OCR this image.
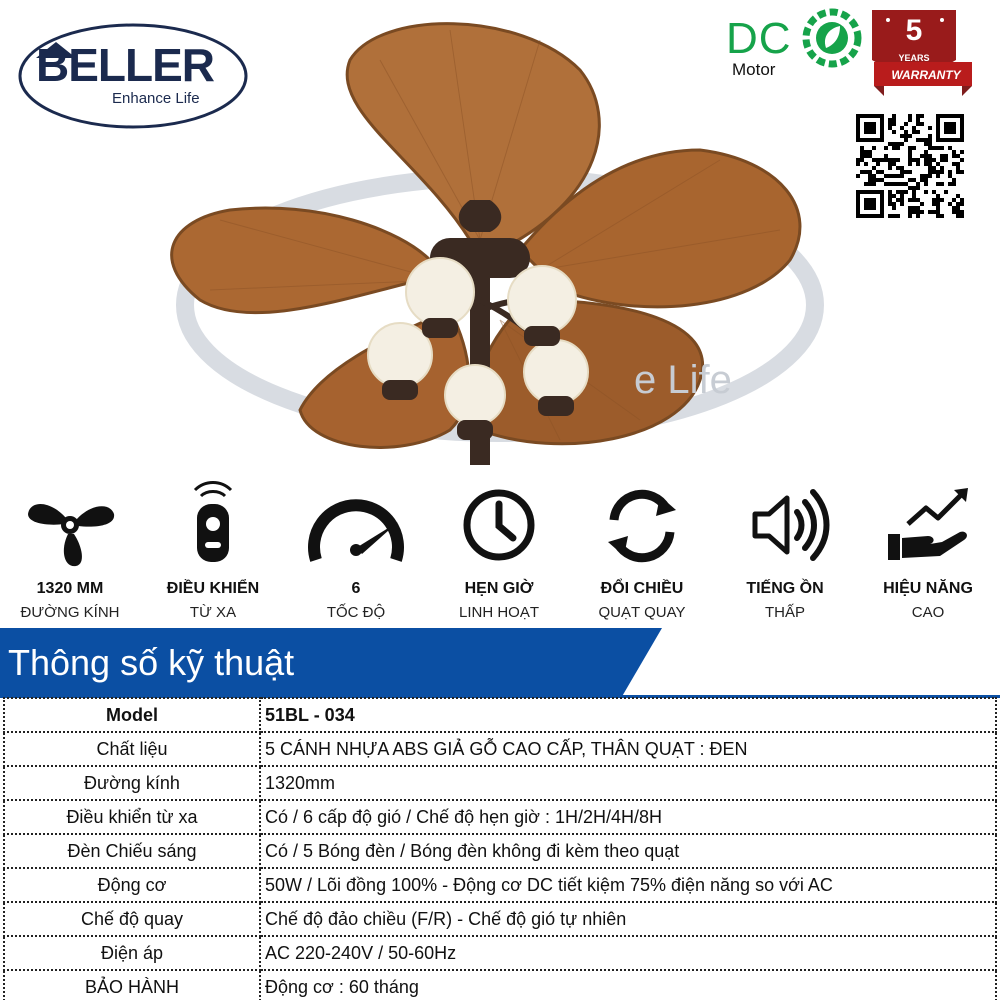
BELLER
Enhance Life
DC
Motor
5
YEARS
WARRANTY
e Life
1320 MM
ĐƯỜNG KÍNH
ĐIỀU KHIỂN
TỪ XA
6
TỐC ĐỘ
HẸN GIỜ
LINH HOẠT
ĐỔI CHIỀU
QUẠT QUAY
TIẾNG ỒN
THẤP
HIỆU NĂNG
CAO
Thông số kỹ thuật
Model	51BL - 034
Chất liệu	5 CÁNH NHỰA ABS GIẢ GỖ CAO CẤP, THÂN QUẠT : ĐEN
Đường kính	1320mm
Điều khiển từ xa	Có / 6 cấp độ gió / Chế độ hẹn giờ : 1H/2H/4H/8H
Đèn Chiếu sáng	Có / 5 Bóng đèn / Bóng đèn không đi kèm theo quạt
Động cơ	50W / Lõi đồng 100% - Động cơ DC tiết kiệm 75% điện năng so với AC
Chế độ quay	Chế độ đảo chiều (F/R) - Chế độ gió tự nhiên
Điện áp	AC 220-240V / 50-60Hz
BẢO HÀNH	Động cơ : 60 tháng
